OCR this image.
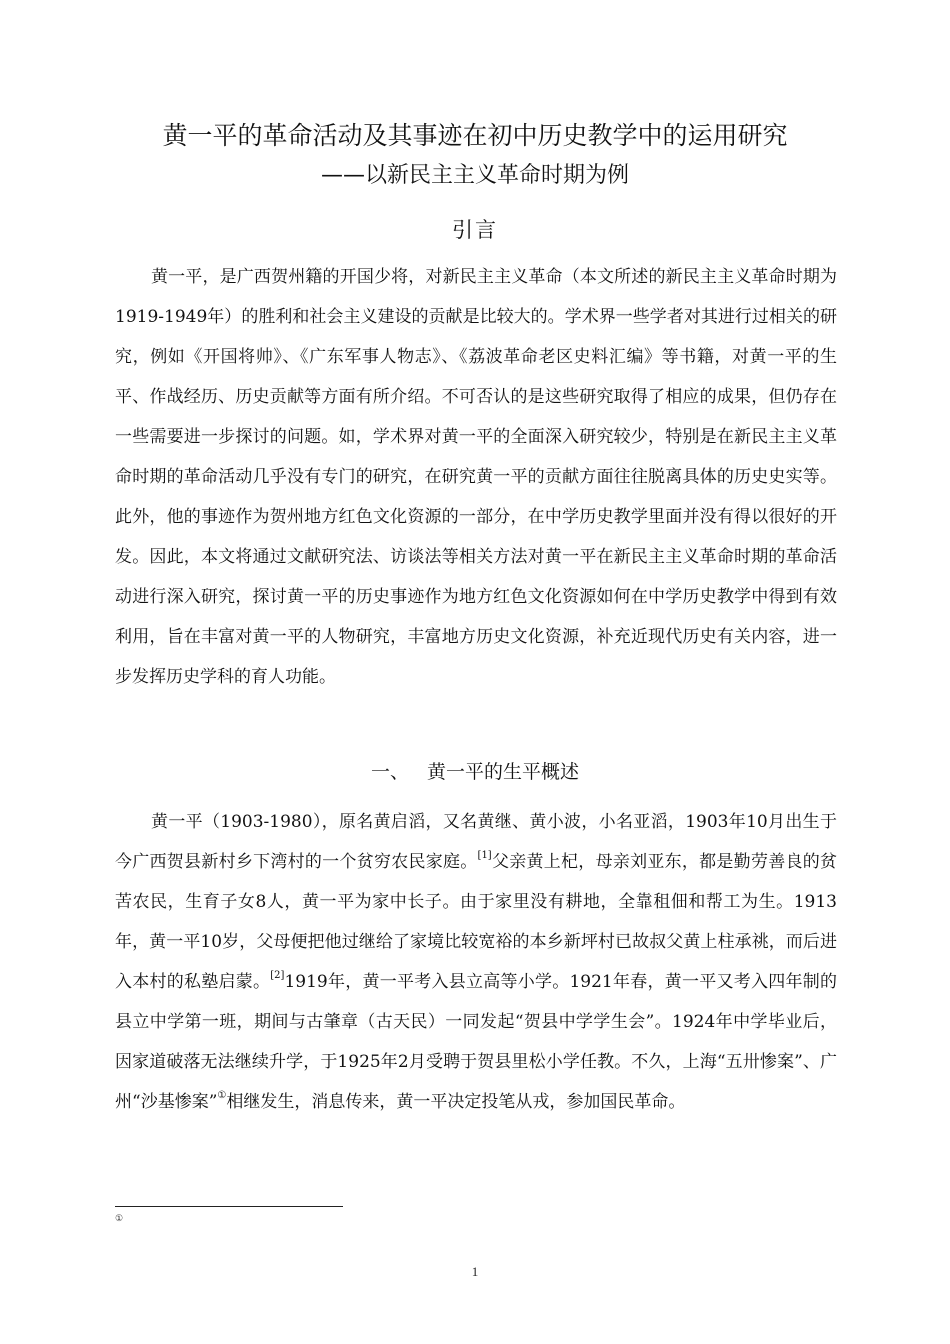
黄一平的革命活动及其事迹在初中历史教学中的运用研究
——以新民主主义革命时期为例
引言

黄一平，是广西贺州籍的开国少将，对新民主主义革命（本文所述的新民主主义革命时期为1919-1949年）的胜利和社会主义建设的贡献是比较大的。学术界一些学者对其进行过相关的研究，例如《开国将帅》、《广东军事人物志》、《荔波革命老区史料汇编》等书籍，对黄一平的生平、作战经历、历史贡献等方面有所介绍。不可否认的是这些研究取得了相应的成果，但仍存在一些需要进一步探讨的问题。如，学术界对黄一平的全面深入研究较少，特别是在新民主主义革命时期的革命活动几乎没有专门的研究，在研究黄一平的贡献方面往往脱离具体的历史史实等。此外，他的事迹作为贺州地方红色文化资源的一部分，在中学历史教学里面并没有得以很好的开发。因此，本文将通过文献研究法、访谈法等相关方法对黄一平在新民主主义革命时期的革命活动进行深入研究，探讨黄一平的历史事迹作为地方红色文化资源如何在中学历史教学中得到有效利用，旨在丰富对黄一平的人物研究，丰富地方历史文化资源，补充近现代历史有关内容，进一步发挥历史学科的育人功能。

一、 黄一平的生平概述

黄一平（1903-1980），原名黄启滔，又名黄继、黄小波，小名亚滔，1903年10月出生于今广西贺县新村乡下湾村的一个贫穷农民家庭。[1]父亲黄上杞，母亲刘亚东，都是勤劳善良的贫苦农民，生育子女8人，黄一平为家中长子。由于家里没有耕地，全靠租佃和帮工为生。1913年，黄一平10岁，父母便把他过继给了家境比较宽裕的本乡新坪村已故叔父黄上柱承祧，而后进入本村的私塾启蒙。[2]1919年，黄一平考入县立高等小学。1921年春，黄一平又考入四年制的县立中学第一班，期间与古肇章（古天民）一同发起“贺县中学学生会”。1924年中学毕业后，因家道破落无法继续升学，于1925年2月受聘于贺县里松小学任教。不久，上海“五卅惨案”、广州“沙基惨案”①相继发生，消息传来，黄一平决定投笔从戎，参加国民革命。

①
1
